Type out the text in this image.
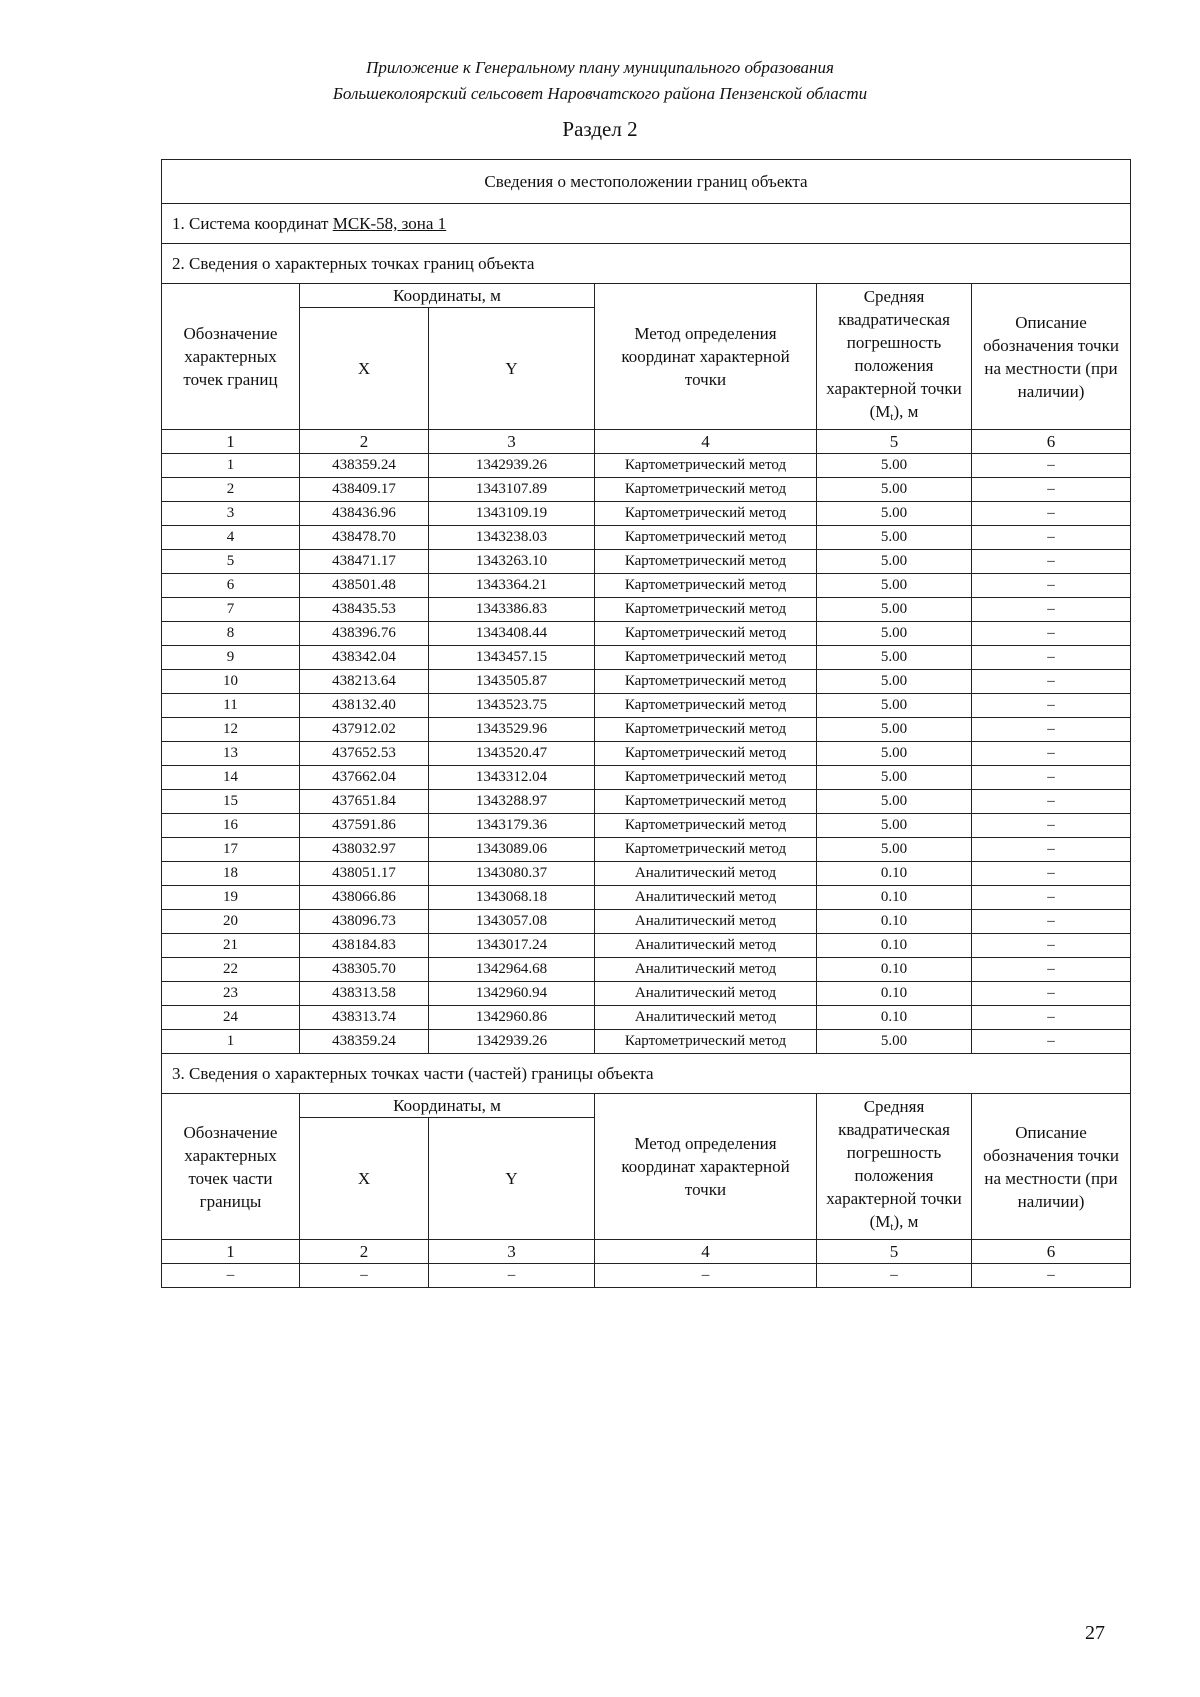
Приложение к Генеральному плану муниципального образования
Большеколоярский сельсовет Наровчатского района Пензенской области
Раздел 2
Сведения о местоположении границ объекта					
1. Система координат МСК-58, зона 1					
2. Сведения о характерных точках границ объекта					
Обозначение характерных точек границ	Координаты, м		Метод определения координат характерной точки	Средняя квадратическая погрешность положения характерной точки $(M_t)$, м	Описание обозначения точки на местности (при наличии)
	X	Y			
1	2	3	4	5	6
1	438359.24	1342939.26	Картометрический метод	5.00	–
2	438409.17	1343107.89	Картометрический метод	5.00	–
3	438436.96	1343109.19	Картометрический метод	5.00	–
4	438478.70	1343238.03	Картометрический метод	5.00	–
5	438471.17	1343263.10	Картометрический метод	5.00	–
6	438501.48	1343364.21	Картометрический метод	5.00	–
7	438435.53	1343386.83	Картометрический метод	5.00	–
8	438396.76	1343408.44	Картометрический метод	5.00	–
9	438342.04	1343457.15	Картометрический метод	5.00	–
10	438213.64	1343505.87	Картометрический метод	5.00	–
11	438132.40	1343523.75	Картометрический метод	5.00	–
12	437912.02	1343529.96	Картометрический метод	5.00	–
13	437652.53	1343520.47	Картометрический метод	5.00	–
14	437662.04	1343312.04	Картометрический метод	5.00	–
15	437651.84	1343288.97	Картометрический метод	5.00	–
16	437591.86	1343179.36	Картометрический метод	5.00	–
17	438032.97	1343089.06	Картометрический метод	5.00	–
18	438051.17	1343080.37	Аналитический метод	0.10	–
19	438066.86	1343068.18	Аналитический метод	0.10	–
20	438096.73	1343057.08	Аналитический метод	0.10	–
21	438184.83	1343017.24	Аналитический метод	0.10	–
22	438305.70	1342964.68	Аналитический метод	0.10	–
23	438313.58	1342960.94	Аналитический метод	0.10	–
24	438313.74	1342960.86	Аналитический метод	0.10	–
1	438359.24	1342939.26	Картометрический метод	5.00	–
3. Сведения о характерных точках части (частей) границы объекта					
Обозначение характерных точек части границы	Координаты, м		Метод определения координат характерной точки	Средняя квадратическая погрешность положения характерной точки $(M_t)$, м	Описание обозначения точки на местности (при наличии)
	X	Y			
1	2	3	4	5	6
–	–	–	–	–	–
27
